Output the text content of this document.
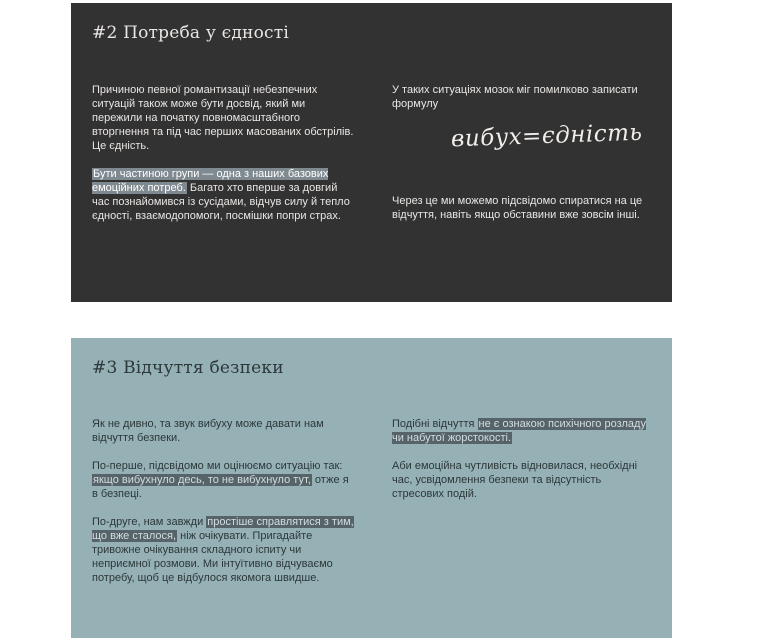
#2 Потреба у єдності

Причиною певної романтизації небезпечних ситуацій також може бути досвід, який ми пережили на початку повномасштабного вторгнення та під час перших масованих обстрілів. Це єдність.

Бути частиною групи — одна з наших базових емоційних потреб. Багато хто вперше за довгий час познайомився із сусідами, відчув силу й тепло єдності, взаємодопомоги, посмішки попри страх.

У таких ситуаціях мозок міг помилково записати формулу

вибух=єдність

Через це ми можемо підсвідомо спиратися на це відчуття, навіть якщо обставини вже зовсім інші.

#3 Відчуття безпеки

Як не дивно, та звук вибуху може давати нам відчуття безпеки.

По-перше, підсвідомо ми оцінюємо ситуацію так: якщо вибухнуло десь, то не вибухнуло тут, отже я в безпеці.

По-друге, нам завжди простіше справлятися з тим, що вже сталося, ніж очікувати. Пригадайте тривожне очікування складного іспиту чи неприємної розмови. Ми інтуїтивно відчуваємо потребу, щоб це відбулося якомога швидше.

Подібні відчуття не є ознакою психічного розладу чи набутої жорстокості.

Аби емоційна чутливість відновилася, необхідні час, усвідомлення безпеки та відсутність стресових подій.
